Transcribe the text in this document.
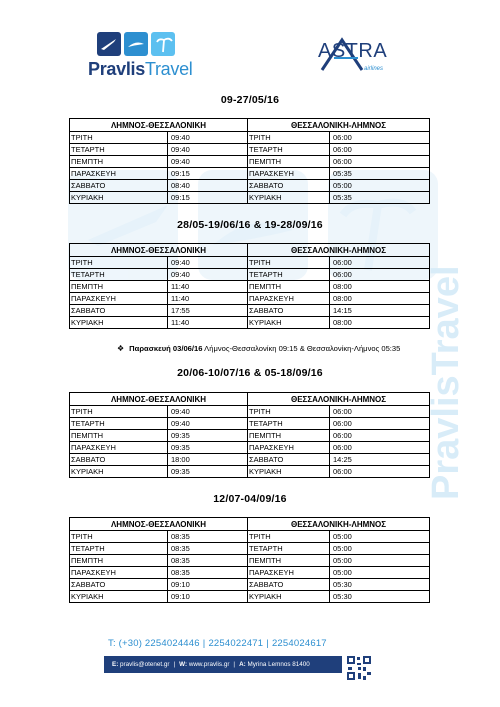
PravlisTravel
PravlisTravel
ASTRA
airlines
09-27/05/16
ΛΗΜΝΟΣ-ΘΕΣΣΑΛΟΝΙΚΗ		ΘΕΣΣΑΛΟΝΙΚΗ-ΛΗΜΝΟΣ	
ΤΡΙΤΗ	09:40	ΤΡΙΤΗ	06:00
ΤΕΤΑΡΤΗ	09:40	ΤΕΤΑΡΤΗ	06:00
ΠΕΜΠΤΗ	09:40	ΠΕΜΠΤΗ	06:00
ΠΑΡΑΣΚΕΥΗ	09:15	ΠΑΡΑΣΚΕΥΗ	05:35
ΣΑΒΒΑΤΟ	08:40	ΣΑΒΒΑΤΟ	05:00
ΚΥΡΙΑΚΗ	09:15	ΚΥΡΙΑΚΗ	05:35
28/05-19/06/16 & 19-28/09/16
ΛΗΜΝΟΣ-ΘΕΣΣΑΛΟΝΙΚΗ		ΘΕΣΣΑΛΟΝΙΚΗ-ΛΗΜΝΟΣ	
ΤΡΙΤΗ	09:40	ΤΡΙΤΗ	06:00
ΤΕΤΑΡΤΗ	09:40	ΤΕΤΑΡΤΗ	06:00
ΠΕΜΠΤΗ	11:40	ΠΕΜΠΤΗ	08:00
ΠΑΡΑΣΚΕΥΗ	11:40	ΠΑΡΑΣΚΕΥΗ	08:00
ΣΑΒΒΑΤΟ	17:55	ΣΑΒΒΑΤΟ	14:15
ΚΥΡΙΑΚΗ	11:40	ΚΥΡΙΑΚΗ	08:00
❖ Παρασκευή 03/06/16 Λήμνος-Θεσσαλονίκη 09:15 & Θεσσαλονίκη-Λήμνος 05:35
20/06-10/07/16 & 05-18/09/16
ΛΗΜΝΟΣ-ΘΕΣΣΑΛΟΝΙΚΗ		ΘΕΣΣΑΛΟΝΙΚΗ-ΛΗΜΝΟΣ	
ΤΡΙΤΗ	09:40	ΤΡΙΤΗ	06:00
ΤΕΤΑΡΤΗ	09:40	ΤΕΤΑΡΤΗ	06:00
ΠΕΜΠΤΗ	09:35	ΠΕΜΠΤΗ	06:00
ΠΑΡΑΣΚΕΥΗ	09:35	ΠΑΡΑΣΚΕΥΗ	06:00
ΣΑΒΒΑΤΟ	18:00	ΣΑΒΒΑΤΟ	14:25
ΚΥΡΙΑΚΗ	09:35	ΚΥΡΙΑΚΗ	06:00
12/07-04/09/16
ΛΗΜΝΟΣ-ΘΕΣΣΑΛΟΝΙΚΗ		ΘΕΣΣΑΛΟΝΙΚΗ-ΛΗΜΝΟΣ	
ΤΡΙΤΗ	08:35	ΤΡΙΤΗ	05:00
ΤΕΤΑΡΤΗ	08:35	ΤΕΤΑΡΤΗ	05:00
ΠΕΜΠΤΗ	08:35	ΠΕΜΠΤΗ	05:00
ΠΑΡΑΣΚΕΥΗ	08:35	ΠΑΡΑΣΚΕΥΗ	05:00
ΣΑΒΒΑΤΟ	09:10	ΣΑΒΒΑΤΟ	05:30
ΚΥΡΙΑΚΗ	09:10	ΚΥΡΙΑΚΗ	05:30
T: (+30) 2254024446 | 2254022471 | 2254024617
E: pravlis@otenet.gr | W: www.pravlis.gr | A: Myrina Lemnos 81400
